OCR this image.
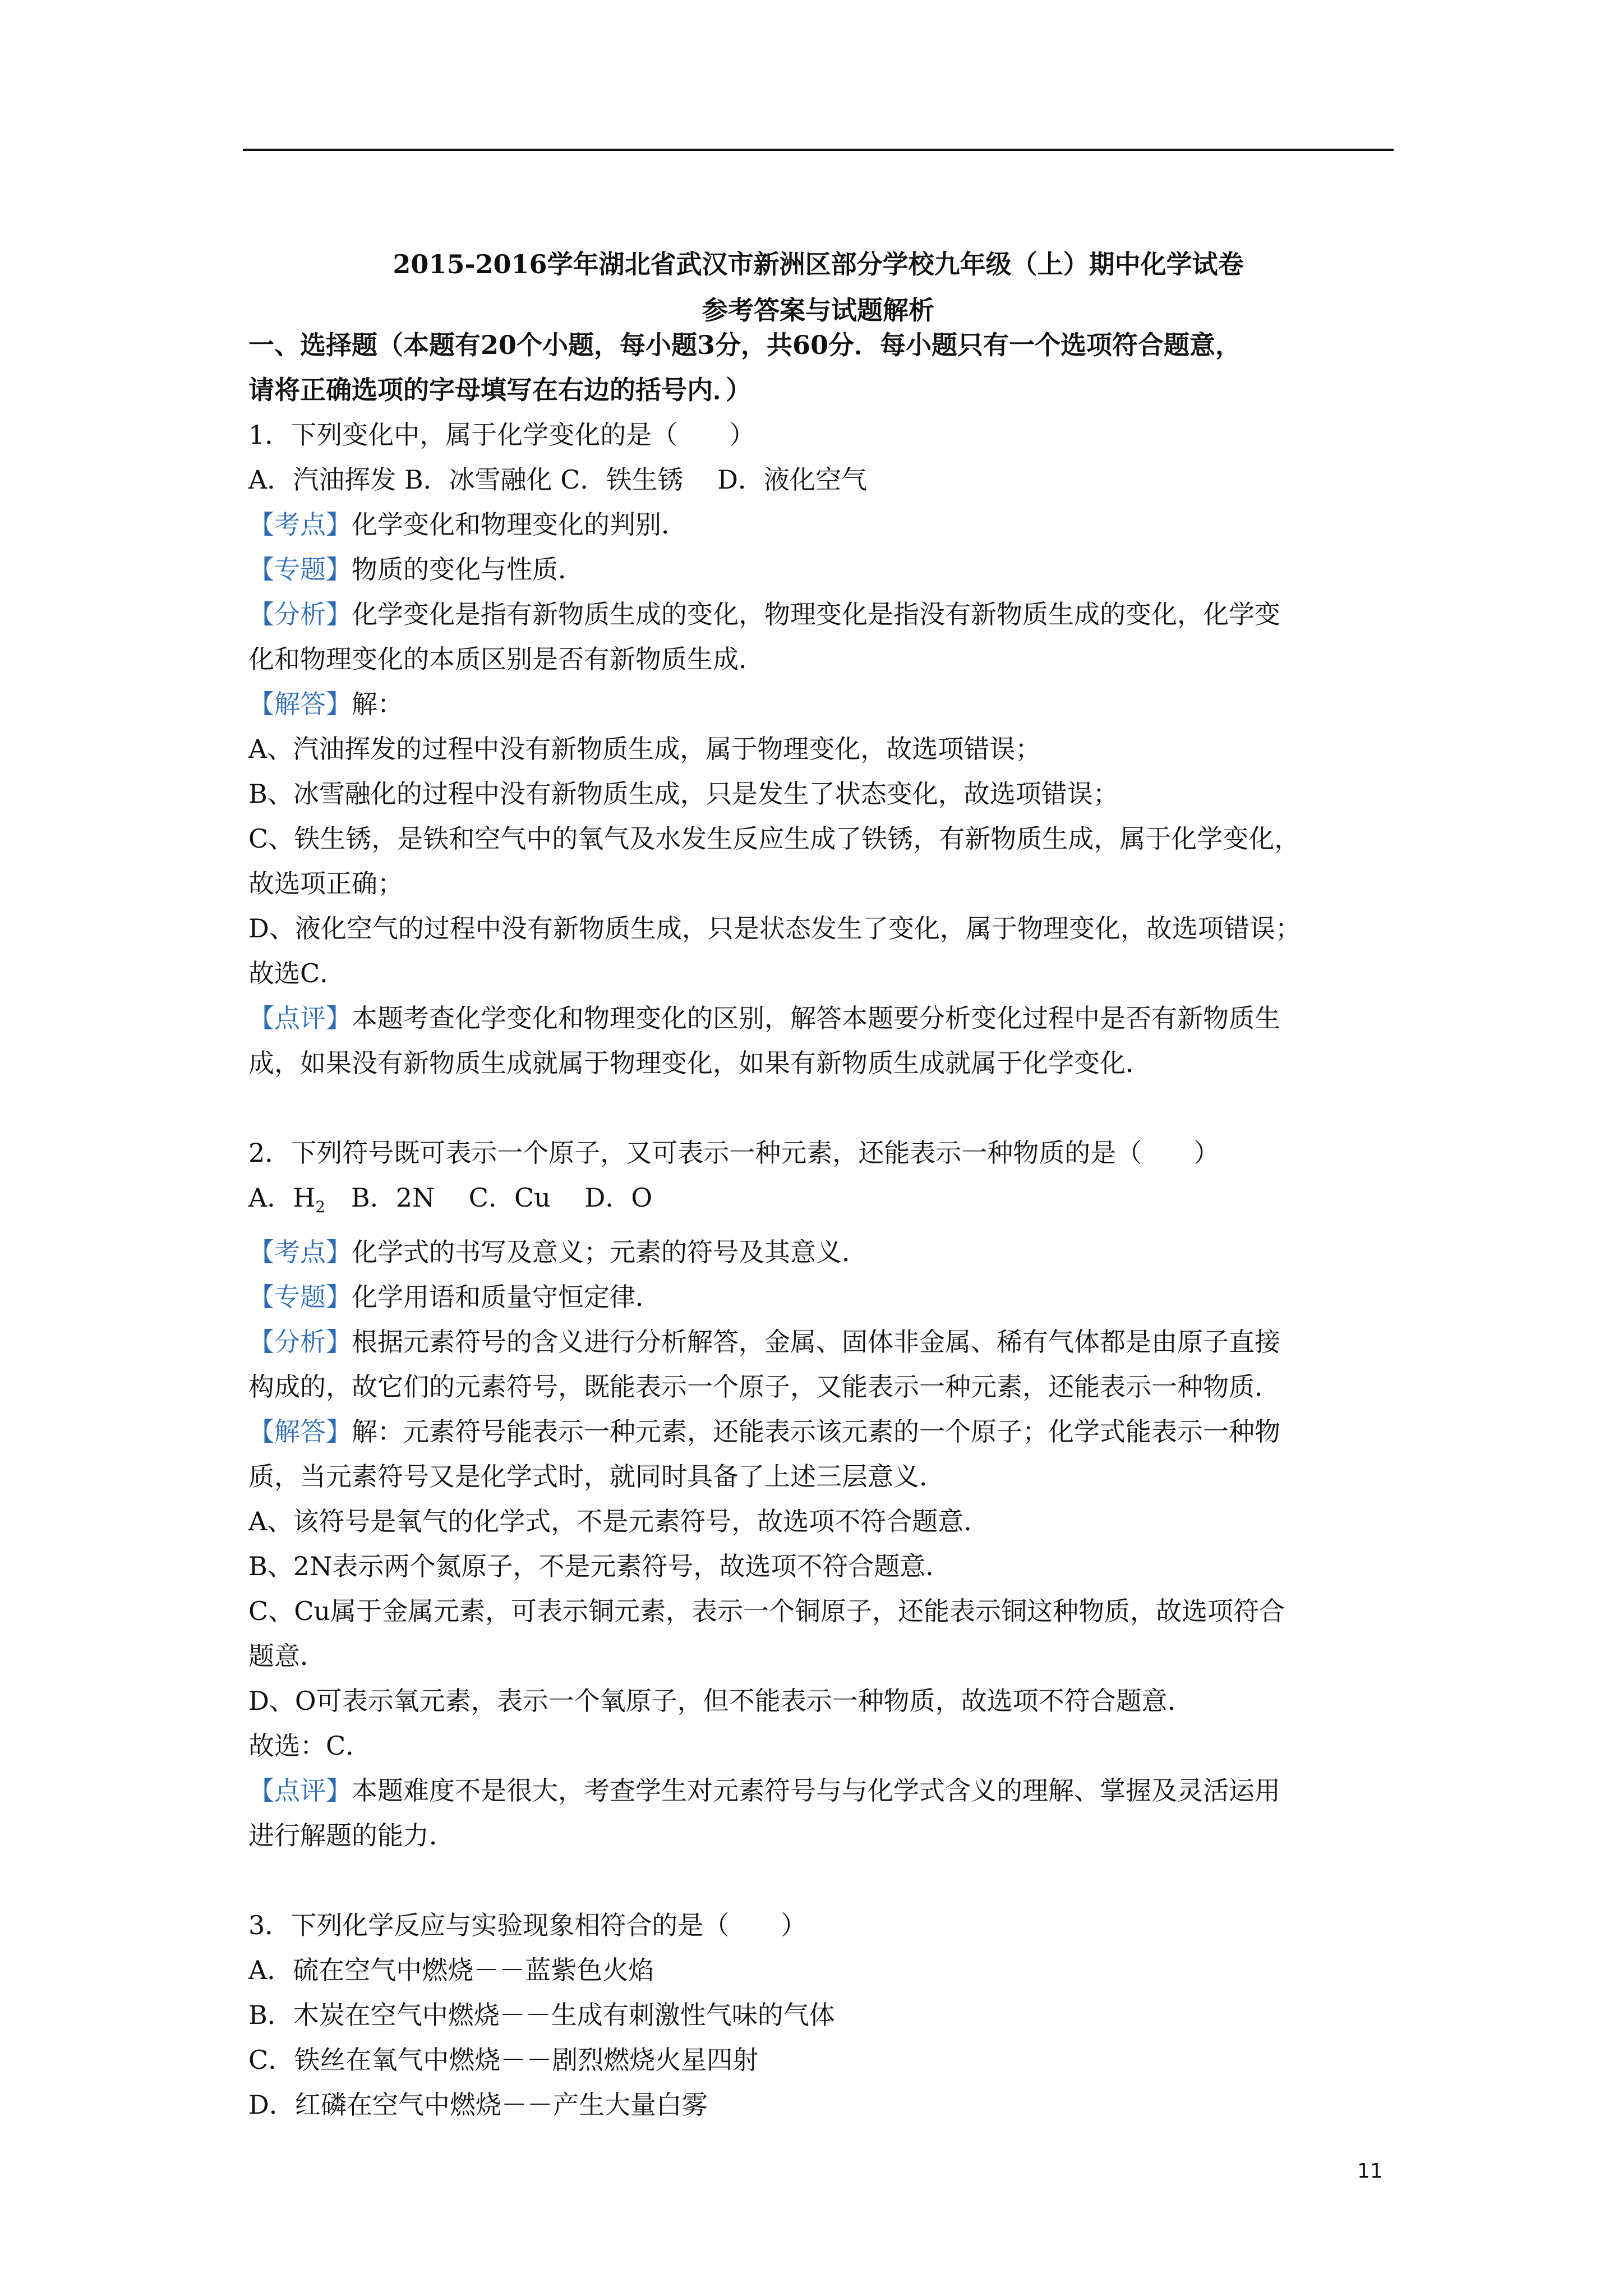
2015-2016学年湖北省武汉市新洲区部分学校九年级（上）期中化学试卷
参考答案与试题解析
一、选择题（本题有20个小题，每小题3分，共60分．每小题只有一个选项符合题意，
请将正确选项的字母填写在右边的括号内．）
1．下列变化中，属于化学变化的是（　　）
A．汽油挥发 B．冰雪融化 C．铁生锈　 D．液化空气
【考点】化学变化和物理变化的判别．
【专题】物质的变化与性质．
【分析】化学变化是指有新物质生成的变化，物理变化是指没有新物质生成的变化，化学变
化和物理变化的本质区别是否有新物质生成．
【解答】解：
A、汽油挥发的过程中没有新物质生成，属于物理变化，故选项错误；
B、冰雪融化的过程中没有新物质生成，只是发生了状态变化，故选项错误；
C、铁生锈，是铁和空气中的氧气及水发生反应生成了铁锈，有新物质生成，属于化学变化，
故选项正确；
D、液化空气的过程中没有新物质生成，只是状态发生了变化，属于物理变化，故选项错误；
故选C．
【点评】本题考查化学变化和物理变化的区别，解答本题要分析变化过程中是否有新物质生
成，如果没有新物质生成就属于物理变化，如果有新物质生成就属于化学变化．
2．下列符号既可表示一个原子，又可表示一种元素，还能表示一种物质的是（　　）
A．$H_2$　B．2N　 C．Cu　 D．O
【考点】化学式的书写及意义；元素的符号及其意义．
【专题】化学用语和质量守恒定律．
【分析】根据元素符号的含义进行分析解答，金属、固体非金属、稀有气体都是由原子直接
构成的，故它们的元素符号，既能表示一个原子，又能表示一种元素，还能表示一种物质．
【解答】解：元素符号能表示一种元素，还能表示该元素的一个原子；化学式能表示一种物
质，当元素符号又是化学式时，就同时具备了上述三层意义．
A、该符号是氧气的化学式，不是元素符号，故选项不符合题意．
B、2N表示两个氮原子，不是元素符号，故选项不符合题意．
C、Cu属于金属元素，可表示铜元素，表示一个铜原子，还能表示铜这种物质，故选项符合
题意．
D、O可表示氧元素，表示一个氧原子，但不能表示一种物质，故选项不符合题意．
故选：C．
【点评】本题难度不是很大，考查学生对元素符号与与化学式含义的理解、掌握及灵活运用
进行解题的能力．
3．下列化学反应与实验现象相符合的是（　　）
A．硫在空气中燃烧－－蓝紫色火焰
B．木炭在空气中燃烧－－生成有刺激性气味的气体
C．铁丝在氧气中燃烧－－剧烈燃烧火星四射
D．红磷在空气中燃烧－－产生大量白雾
11
